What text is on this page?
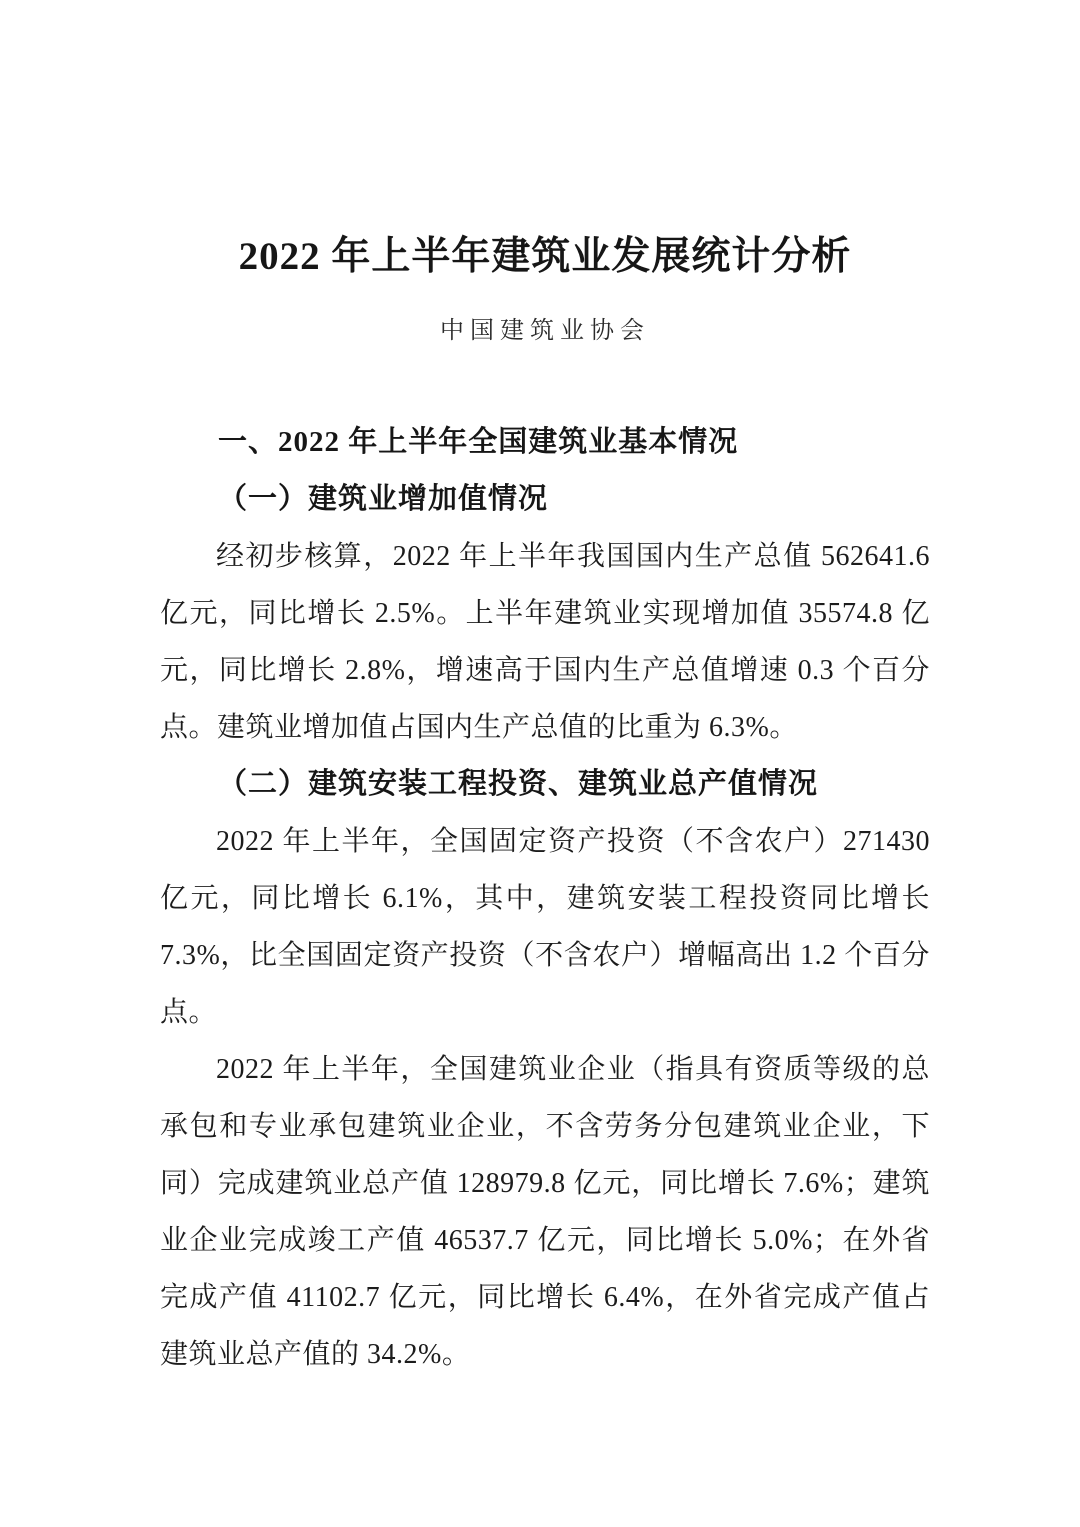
2022 年上半年建筑业发展统计分析
中国建筑业协会
一、2022 年上半年全国建筑业基本情况
（一）建筑业增加值情况

经初步核算，2022 年上半年我国国内生产总值 562641.6 亿元，同比增长 2.5%。上半年建筑业实现增加值 35574.8 亿元，同比增长 2.8%，增速高于国内生产总值增速 0.3 个百分点。建筑业增加值占国内生产总值的比重为 6.3%。

（二）建筑安装工程投资、建筑业总产值情况

2022 年上半年，全国固定资产投资（不含农户）271430 亿元，同比增长 6.1%，其中，建筑安装工程投资同比增长 7.3%，比全国固定资产投资（不含农户）增幅高出 1.2 个百分点。

2022 年上半年，全国建筑业企业（指具有资质等级的总承包和专业承包建筑业企业，不含劳务分包建筑业企业，下同）完成建筑业总产值 128979.8 亿元，同比增长 7.6%；建筑业企业完成竣工产值 46537.7 亿元，同比增长 5.0%；在外省完成产值 41102.7 亿元，同比增长 6.4%，在外省完成产值占建筑业总产值的 34.2%。
